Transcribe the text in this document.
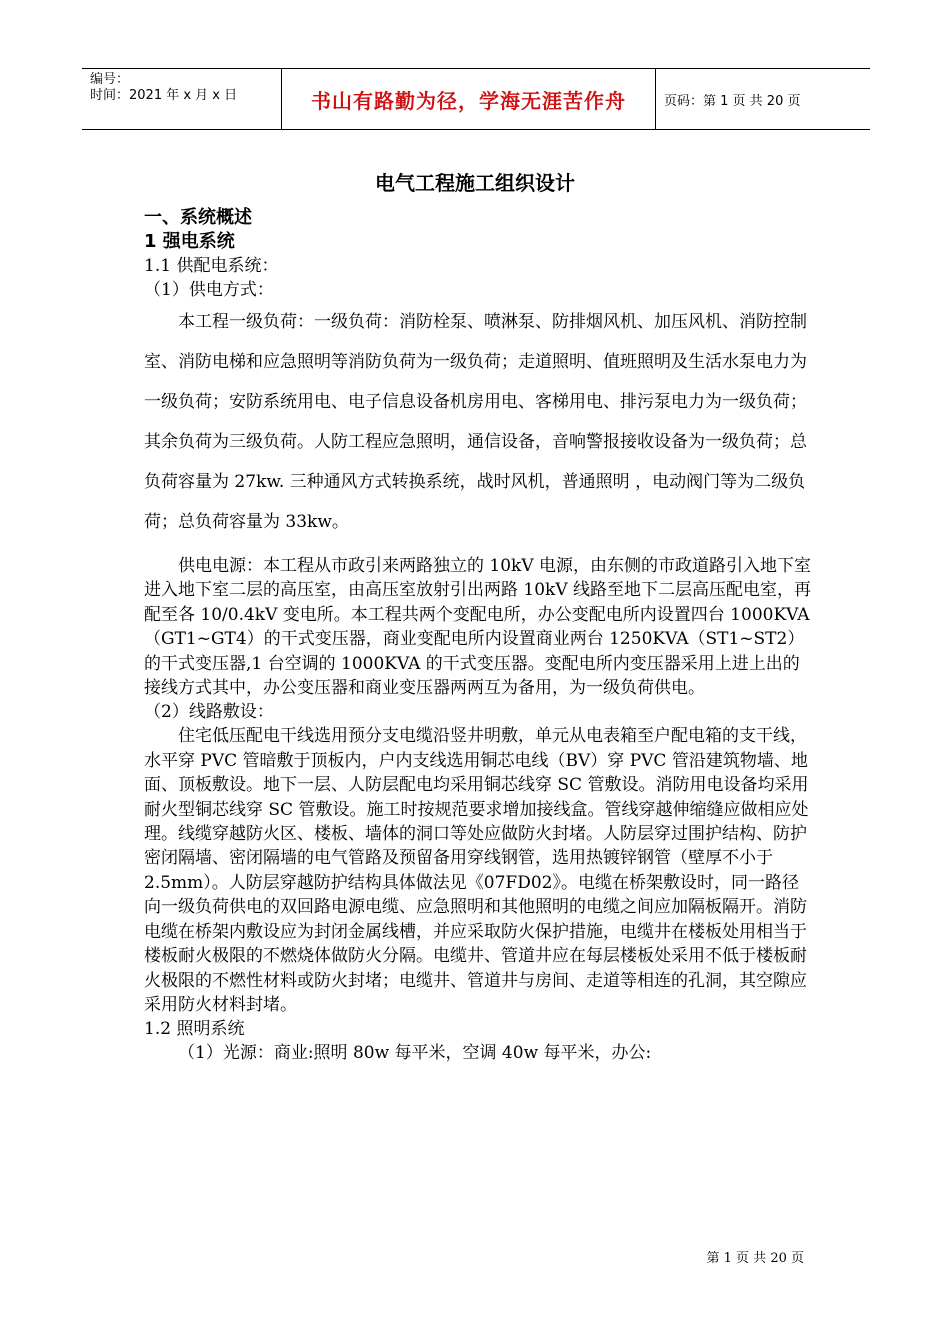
编号：
时间：2021 年 x 月 x 日	书山有路勤为径，学海无涯苦作舟	页码：第 1 页 共 20 页
电气工程施工组织设计
一、系统概述
1 强电系统
1.1 供配电系统：
（1）供电方式：

本工程一级负荷：一级负荷：消防栓泵、喷淋泵、防排烟风机、加压风机、消防控制室、消防电梯和应急照明等消防负荷为一级负荷；走道照明、值班照明及生活水泵电力为一级负荷；安防系统用电、电子信息设备机房用电、客梯用电、排污泵电力为一级负荷；其余负荷为三级负荷。人防工程应急照明，通信设备，音响警报接收设备为一级负荷；总负荷容量为 27kw. 三种通风方式转换系统，战时风机，普通照明 ，电动阀门等为二级负荷；总负荷容量为 33kw。

供电电源：本工程从市政引来两路独立的 10kV 电源，由东侧的市政道路引入地下室进入地下室二层的高压室，由高压室放射引出两路 10kV 线路至地下二层高压配电室，再配至各 10/0.4kV 变电所。本工程共两个变配电所，办公变配电所内设置四台 1000KVA（GT1~GT4）的干式变压器，商业变配电所内设置商业两台 1250KVA（ST1~ST2）的干式变压器,1 台空调的 1000KVA 的干式变压器。变配电所内变压器采用上进上出的接线方式其中，办公变压器和商业变压器两两互为备用，为一级负荷供电。

（2）线路敷设：

住宅低压配电干线选用预分支电缆沿竖井明敷，单元从电表箱至户配电箱的支干线，水平穿 PVC 管暗敷于顶板内，户内支线选用铜芯电线（BV）穿 PVC 管沿建筑物墙、地面、顶板敷设。地下一层、人防层配电均采用铜芯线穿 SC 管敷设。消防用电设备均采用耐火型铜芯线穿 SC 管敷设。施工时按规范要求增加接线盒。管线穿越伸缩缝应做相应处理。线缆穿越防火区、楼板、墙体的洞口等处应做防火封堵。人防层穿过围护结构、防护密闭隔墙、密闭隔墙的电气管路及预留备用穿线钢管，选用热镀锌钢管（壁厚不小于 2.5mm）。人防层穿越防护结构具体做法见《07FD02》。电缆在桥架敷设时，同一路径向一级负荷供电的双回路电源电缆、应急照明和其他照明的电缆之间应加隔板隔开。消防电缆在桥架内敷设应为封闭金属线槽，并应采取防火保护措施，电缆井在楼板处用相当于楼板耐火极限的不燃烧体做防火分隔。电缆井、管道井应在每层楼板处采用不低于楼板耐火极限的不燃性材料或防火封堵；电缆井、管道井与房间、走道等相连的孔洞，其空隙应采用防火材料封堵。

1.2 照明系统
（1）光源：商业:照明 80w 每平米，空调 40w 每平米，办公:
第 1 页 共 20 页
